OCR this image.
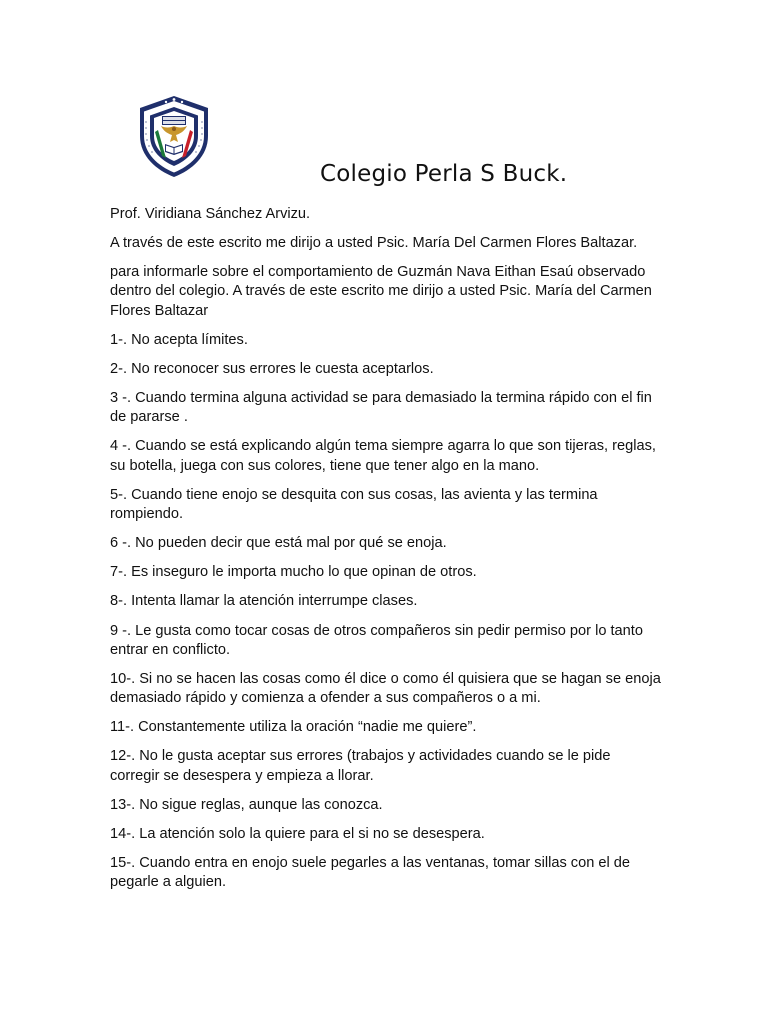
Colegio Perla S Buck.

Prof. Viridiana Sánchez Arvizu.

A través de este escrito me dirijo a usted Psic. María Del Carmen Flores Baltazar.

para informarle sobre el comportamiento de Guzmán Nava Eithan Esaú observado dentro del colegio. A través de este escrito me dirijo a usted Psic. María del Carmen Flores Baltazar

1-. No acepta límites.

2-. No reconocer sus errores le cuesta aceptarlos.

3 -. Cuando termina alguna actividad se para demasiado la termina rápido con el fin de pararse .

4 -. Cuando se está explicando algún tema siempre agarra lo que son tijeras, reglas, su botella, juega con sus colores, tiene que tener algo en la mano.

5-. Cuando tiene enojo se desquita con sus cosas, las avienta y las termina rompiendo.

6 -. No pueden decir que está mal por qué se enoja.

7-. Es inseguro le importa mucho lo que opinan de otros.

8-. Intenta llamar la atención interrumpe clases.

9 -. Le gusta como tocar cosas de otros compañeros sin pedir permiso por lo tanto entrar en conflicto.

10-. Si no se hacen las cosas como él dice o como él quisiera que se hagan se enoja demasiado rápido y comienza a ofender a sus compañeros o a mi.

11-. Constantemente utiliza la oración “nadie me quiere”.

12-. No le gusta aceptar sus errores (trabajos y actividades cuando se le pide corregir se desespera y empieza a llorar.

13-. No sigue reglas, aunque las conozca.

14-. La atención solo la quiere para el si no se desespera.

15-. Cuando entra en enojo suele pegarles a las ventanas, tomar sillas con el de pegarle a alguien.
